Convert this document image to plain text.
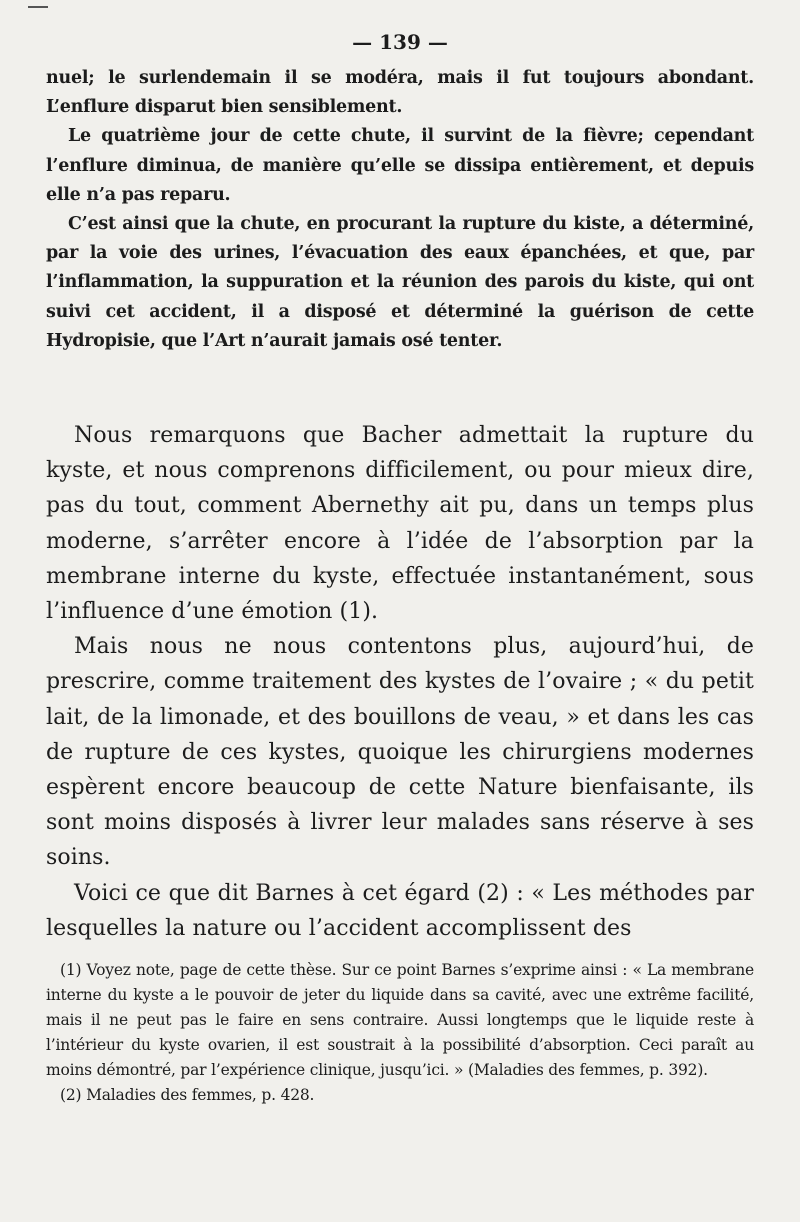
— 139 —

nuel; le surlendemain il se modéra, mais il fut toujours abondant. L’enflure disparut bien sensiblement.

Le quatrième jour de cette chute, il survint de la fièvre; cependant l’enflure diminua, de manière qu’elle se dissipa entièrement, et depuis elle n’a pas reparu.

C’est ainsi que la chute, en procurant la rupture du kiste, a déterminé, par la voie des urines, l’évacuation des eaux épanchées, et que, par l’inflammation, la suppuration et la réunion des parois du kiste, qui ont suivi cet accident, il a disposé et déterminé la guérison de cette Hydropisie, que l’Art n’aurait jamais osé tenter.

Nous remarquons que Bacher admettait la rupture du kyste, et nous comprenons difficilement, ou pour mieux dire, pas du tout, comment Abernethy ait pu, dans un temps plus moderne, s’arrêter encore à l’idée de l’absorption par la membrane interne du kyste, effectuée instantanément, sous l’influence d’une émotion (1).

Mais nous ne nous contentons plus, aujourd’hui, de prescrire, comme traitement des kystes de l’ovaire ; « du petit lait, de la limonade, et des bouillons de veau, » et dans les cas de rupture de ces kystes, quoique les chirurgiens modernes espèrent encore beaucoup de cette Nature bienfaisante, ils sont moins disposés à livrer leur malades sans réserve à ses soins.

Voici ce que dit Barnes à cet égard (2) : « Les méthodes par lesquelles la nature ou l’accident accomplissent des

(1) Voyez note, page de cette thèse. Sur ce point Barnes s’exprime ainsi : « La membrane interne du kyste a le pouvoir de jeter du liquide dans sa cavité, avec une extrême facilité, mais il ne peut pas le faire en sens contraire. Aussi longtemps que le liquide reste à l’intérieur du kyste ovarien, il est soustrait à la possibilité d’absorption. Ceci paraît au moins démontré, par l’expérience clinique, jusqu’ici. » (Maladies des femmes, p. 392).

(2) Maladies des femmes, p. 428.
